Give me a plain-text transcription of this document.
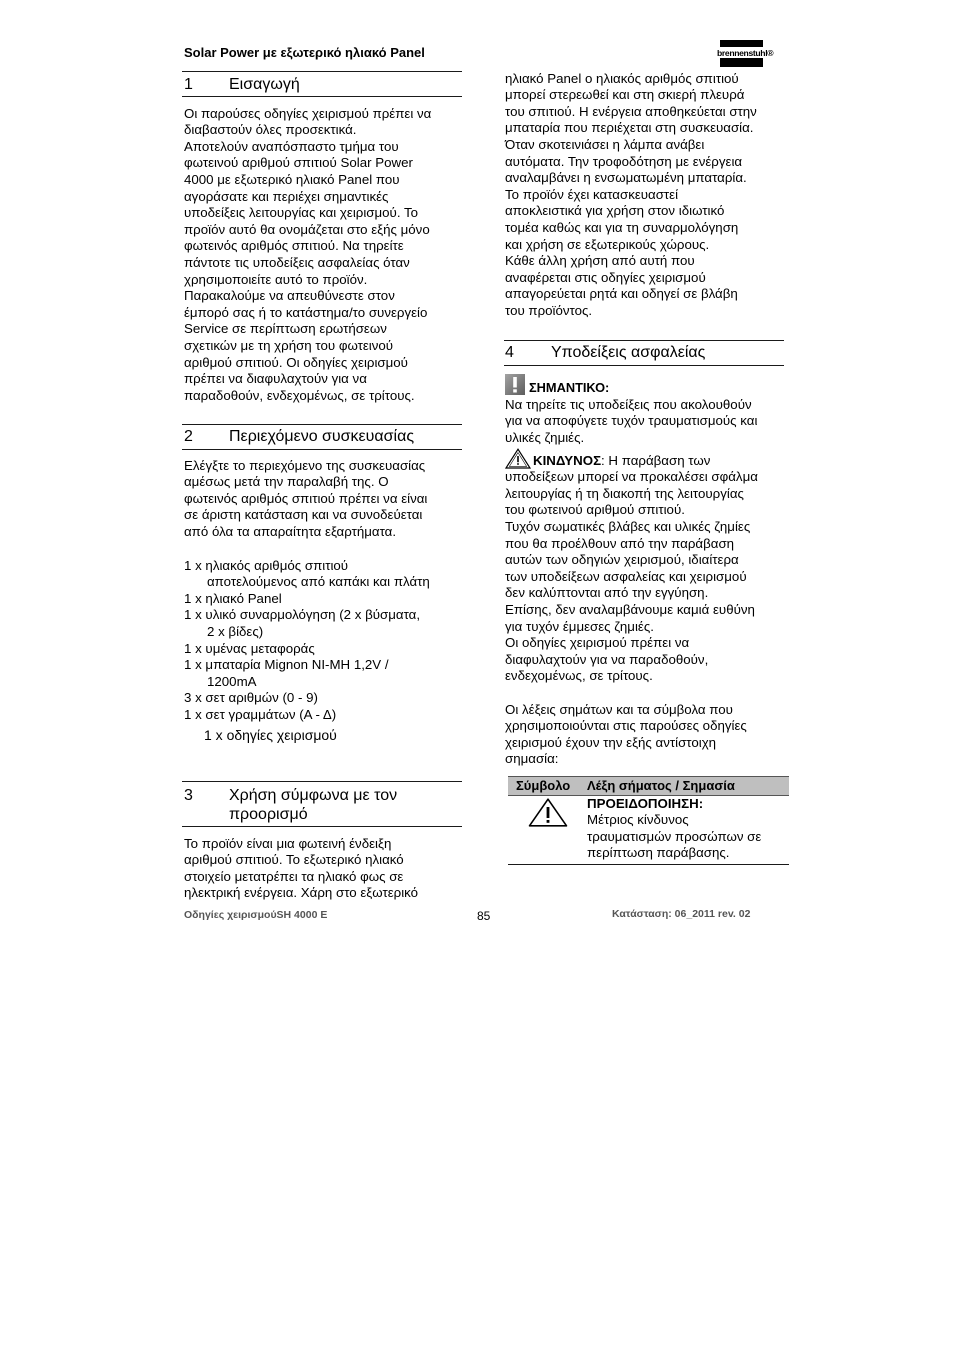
Solar Power με εξωτερικό ηλιακό Panel	brennenstuhl®
1 Εισαγωγή
Οι παρούσες οδηγίες χειρισμού πρέπει να
διαβαστούν όλες προσεκτικά.
Αποτελούν αναπόσπαστο τμήμα του
φωτεινού αριθμού σπιτιού Solar Power
4000 με εξωτερικό ηλιακό Panel που
αγοράσατε και περιέχει σημαντικές
υποδείξεις λειτουργίας και χειρισμού. Το
προϊόν αυτό θα ονομάζεται στο εξής μόνο
φωτεινός αριθμός σπιτιού. Να τηρείτε
πάντοτε τις υποδείξεις ασφαλείας όταν
χρησιμοποιείτε αυτό το προϊόν.
Παρακαλούμε να απευθύνεστε στον
έμπορό σας ή το κατάστημα/το συνεργείο
Service σε περίπτωση ερωτήσεων
σχετικών με τη χρήση του φωτεινού
αριθμού σπιτιού. Οι οδηγίες χειρισμού
πρέπει να διαφυλαχτούν για να
παραδοθούν, ενδεχομένως, σε τρίτους.
2 Περιεχόμενο συσκευασίας
Ελέγξτε το περιεχόμενο της συσκευασίας
αμέσως μετά την παραλαβή της. Ο
φωτεινός αριθμός σπιτιού πρέπει να είναι
σε άριστη κατάσταση και να συνοδεύεται
από όλα τα απαραίτητα εξαρτήματα.
1 x ηλιακός αριθμός σπιτιού
αποτελούμενος από καπάκι και πλάτη
1 x ηλιακό Panel
1 x υλικό συναρμολόγηση (2 x βύσματα,
2 x βίδες)
1 x υμένας μεταφοράς
1 x μπαταρία Mignon NI-MH 1,2V /
1200mA
3 x σετ αριθμών (0 - 9)
1 x σετ γραμμάτων (Α - Δ)
1 x οδηγίες χειρισμού
3 Χρήση σύμφωνα με τον
προορισμό
Το προϊόν είναι μια φωτεινή ένδειξη
αριθμού σπιτιού. Το εξωτερικό ηλιακό
στοιχείο μετατρέπει τα ηλιακό φως σε
ηλεκτρική ενέργεια. Χάρη στο εξωτερικό
ηλιακό Panel ο ηλιακός αριθμός σπιτιού
μπορεί στερεωθεί και στη σκιερή πλευρά
του σπιτιού. Η ενέργεια αποθηκεύεται στην
μπαταρία που περιέχεται στη συσκευασία.
Όταν σκοτεινιάσει η λάμπα ανάβει
αυτόματα. Την τροφοδότηση με ενέργεια
αναλαμβάνει η ενσωματωμένη μπαταρία.
Το προϊόν έχει κατασκευαστεί
αποκλειστικά για χρήση στον ιδιωτικό
τομέα καθώς και για τη συναρμολόγηση
και χρήση σε εξωτερικούς χώρους.
Κάθε άλλη χρήση από αυτή που
αναφέρεται στις οδηγίες χειρισμού
απαγορεύεται ρητά και οδηγεί σε βλάβη
του προϊόντος.
4 Υποδείξεις ασφαλείας
ΣΗΜΑΝΤΙΚΟ:
Να τηρείτε τις υποδείξεις που ακολουθούν
για να αποφύγετε τυχόν τραυματισμούς και
υλικές ζημιές.
ΚΙΝΔΥΝΟΣ: Η παράβαση των
υποδείξεων μπορεί να προκαλέσει σφάλμα
λειτουργίας ή τη διακοπή της λειτουργίας
του φωτεινού αριθμού σπιτιού.
Τυχόν σωματικές βλάβες και υλικές ζημίες
που θα προέλθουν από την παράβαση
αυτών των οδηγιών χειρισμού, ιδιαίτερα
των υποδείξεων ασφαλείας και χειρισμού
δεν καλύπτονται από την εγγύηση.
Επίσης, δεν αναλαμβάνουμε καμιά ευθύνη
για τυχόν έμμεσες ζημιές.
Οι οδηγίες χειρισμού πρέπει να
διαφυλαχτούν για να παραδοθούν,
ενδεχομένως, σε τρίτους.
Οι λέξεις σημάτων και τα σύμβολα που
χρησιμοποιούνται στις παρούσες οδηγίες
χειρισμού έχουν την εξής αντίστοιχη
σημασία:
Σύμβολο Λέξη σήματος / Σημασία
ΠΡΟΕΙΔΟΠΟΙΗΣΗ:
Μέτριος κίνδυνος
τραυματισμών προσώπων σε
περίπτωση παράβασης.
Οδηγίες χειρισμούSH 4000 E	85	Κατάσταση: 06_2011 rev. 02
